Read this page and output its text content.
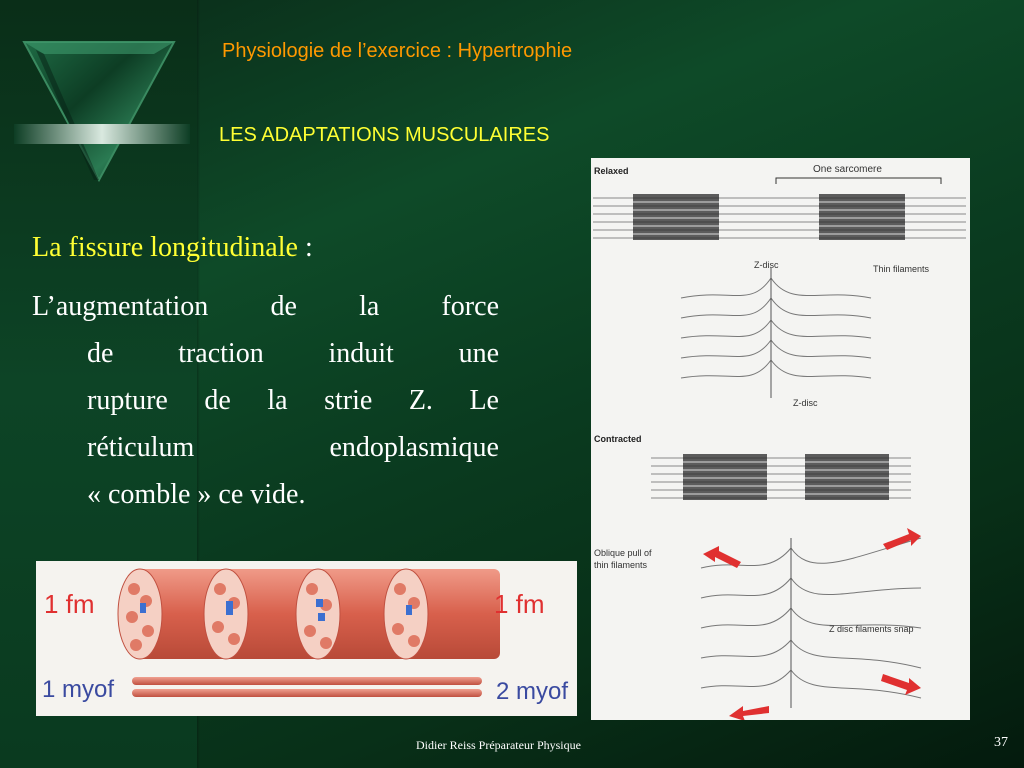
Physiologie de l’exercice : Hypertrophie
LES ADAPTATIONS MUSCULAIRES
La fissure longitudinale :
L’augmentation de la force
de traction induit une
rupture de la strie Z. Le
réticulum endoplasmique
« comble » ce vide.
Relaxed	One sarcomere
Z-disc	Thin filaments
Z-disc
Contracted
Oblique pull of
thin filaments
Z disc filaments snap
1 fm	1 fm
1 myof	2 myof
Didier Reiss Préparateur Physique	37
